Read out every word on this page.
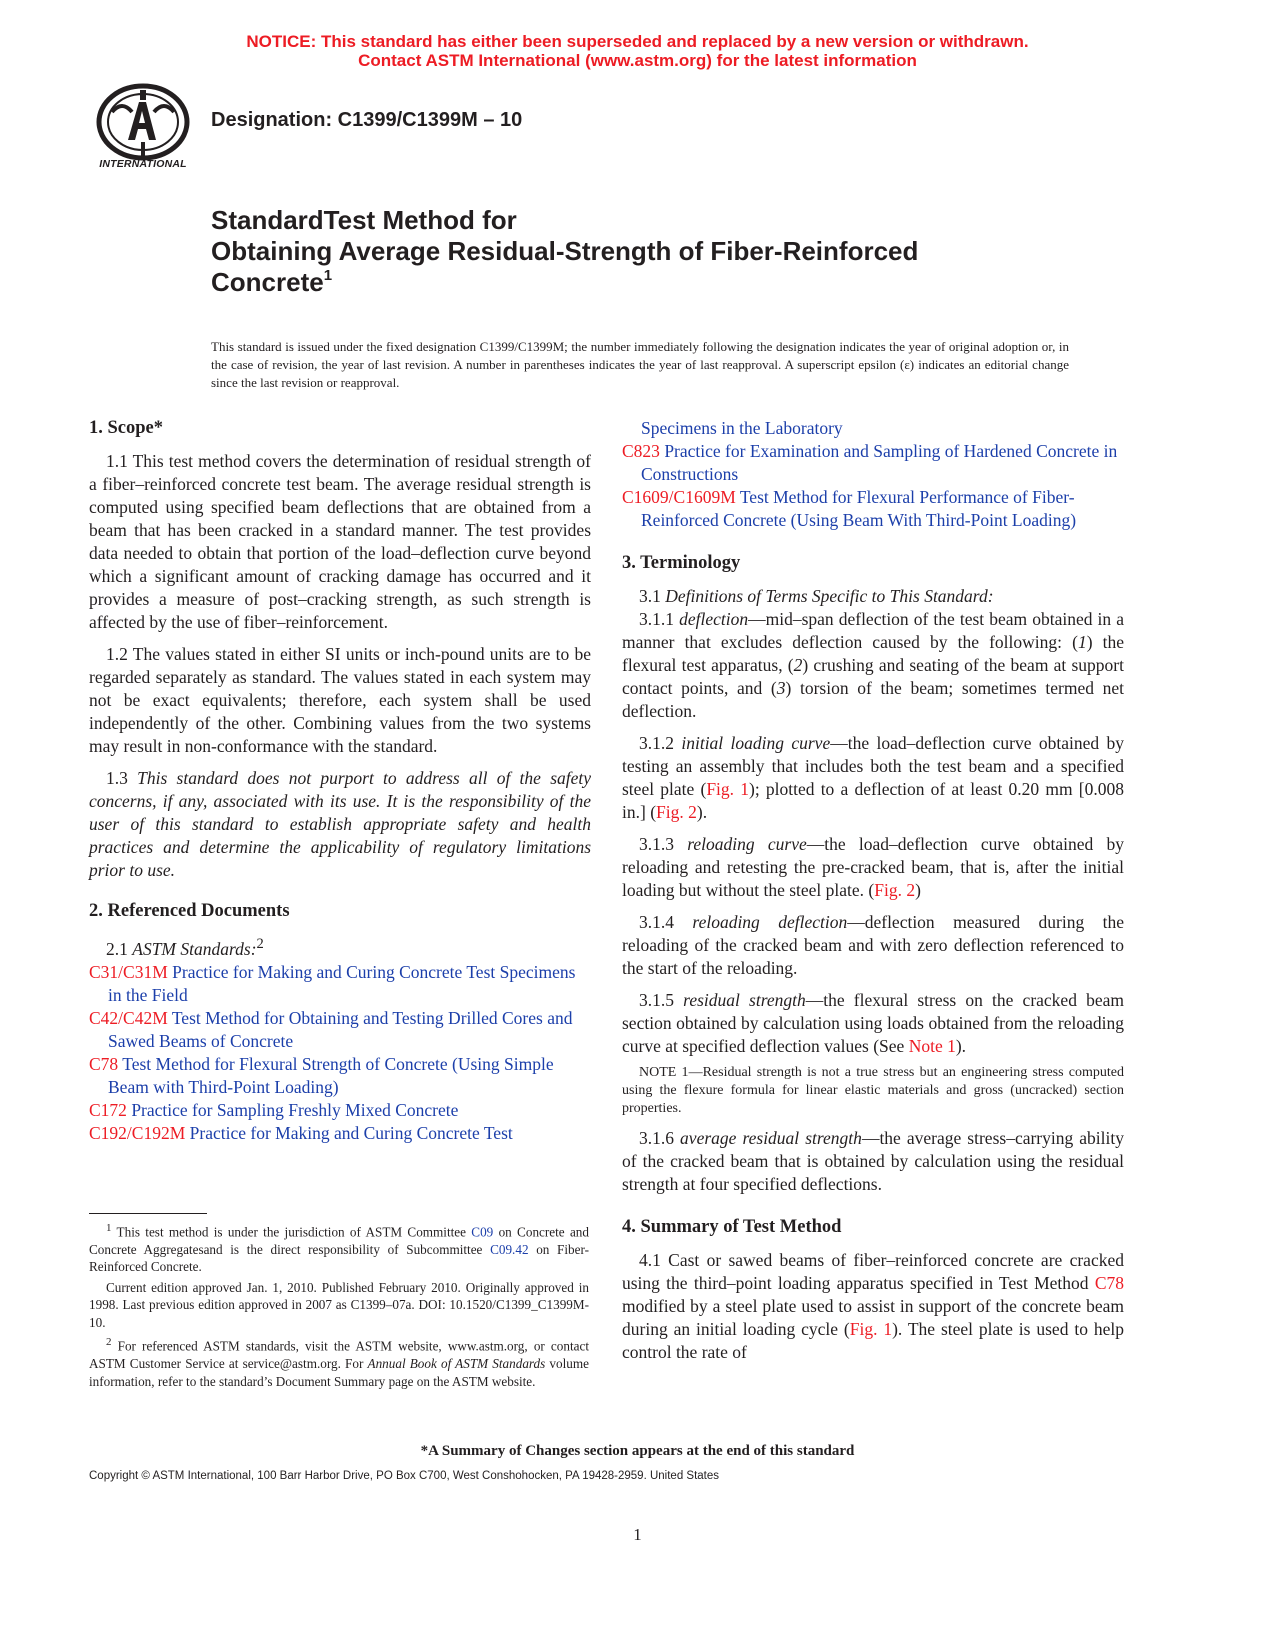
NOTICE: This standard has either been superseded and replaced by a new version or withdrawn.
Contact ASTM International (www.astm.org) for the latest information
INTERNATIONAL
Designation: C1399/C1399M – 10
StandardTest Method for
Obtaining Average Residual-Strength of Fiber-Reinforced
Concrete$^1$
This standard is issued under the fixed designation C1399/C1399M; the number immediately following the designation indicates the year of original adoption or, in the case of revision, the year of last revision. A number in parentheses indicates the year of last reapproval. A superscript epsilon (ε) indicates an editorial change since the last revision or reapproval.
1. Scope*

1.1 This test method covers the determination of residual strength of a fiber–reinforced concrete test beam. The average residual strength is computed using specified beam deflections that are obtained from a beam that has been cracked in a standard manner. The test provides data needed to obtain that portion of the load–deflection curve beyond which a significant amount of cracking damage has occurred and it provides a measure of post–cracking strength, as such strength is affected by the use of fiber–reinforcement.

1.2 The values stated in either SI units or inch-pound units are to be regarded separately as standard. The values stated in each system may not be exact equivalents; therefore, each system shall be used independently of the other. Combining values from the two systems may result in non-conformance with the standard.

1.3 This standard does not purport to address all of the safety concerns, if any, associated with its use. It is the responsibility of the user of this standard to establish appropriate safety and health practices and determine the applicability of regulatory limitations prior to use.

2. Referenced Documents

2.1 ASTM Standards:$^2$

C31/C31M Practice for Making and Curing Concrete Test Specimens in the Field

C42/C42M Test Method for Obtaining and Testing Drilled Cores and Sawed Beams of Concrete

C78 Test Method for Flexural Strength of Concrete (Using Simple Beam with Third-Point Loading)

C172 Practice for Sampling Freshly Mixed Concrete

C192/C192M Practice for Making and Curing Concrete Test

$^1$ This test method is under the jurisdiction of ASTM Committee C09 on Concrete and Concrete Aggregatesand is the direct responsibility of Subcommittee C09.42 on Fiber-Reinforced Concrete.

Current edition approved Jan. 1, 2010. Published February 2010. Originally approved in 1998. Last previous edition approved in 2007 as C1399–07a. DOI: 10.1520/C1399_C1399M-10.

$^2$ For referenced ASTM standards, visit the ASTM website, www.astm.org, or contact ASTM Customer Service at service@astm.org. For Annual Book of ASTM Standards volume information, refer to the standard’s Document Summary page on the ASTM website.

Specimens in the Laboratory

C823 Practice for Examination and Sampling of Hardened Concrete in Constructions

C1609/C1609M Test Method for Flexural Performance of Fiber-Reinforced Concrete (Using Beam With Third-Point Loading)

3. Terminology

3.1 Definitions of Terms Specific to This Standard:

3.1.1 deflection—mid–span deflection of the test beam obtained in a manner that excludes deflection caused by the following: (1) the flexural test apparatus, (2) crushing and seating of the beam at support contact points, and (3) torsion of the beam; sometimes termed net deflection.

3.1.2 initial loading curve—the load–deflection curve obtained by testing an assembly that includes both the test beam and a specified steel plate (Fig. 1); plotted to a deflection of at least 0.20 mm [0.008 in.] (Fig. 2).

3.1.3 reloading curve—the load–deflection curve obtained by reloading and retesting the pre-cracked beam, that is, after the initial loading but without the steel plate. (Fig. 2)

3.1.4 reloading deflection—deflection measured during the reloading of the cracked beam and with zero deflection referenced to the start of the reloading.

3.1.5 residual strength—the flexural stress on the cracked beam section obtained by calculation using loads obtained from the reloading curve at specified deflection values (See Note 1).

NOTE 1—Residual strength is not a true stress but an engineering stress computed using the flexure formula for linear elastic materials and gross (uncracked) section properties.

3.1.6 average residual strength—the average stress–carrying ability of the cracked beam that is obtained by calculation using the residual strength at four specified deflections.

4. Summary of Test Method

4.1 Cast or sawed beams of fiber–reinforced concrete are cracked using the third–point loading apparatus specified in Test Method C78 modified by a steel plate used to assist in support of the concrete beam during an initial loading cycle (Fig. 1). The steel plate is used to help control the rate of

*A Summary of Changes section appears at the end of this standard
Copyright © ASTM International, 100 Barr Harbor Drive, PO Box C700, West Conshohocken, PA 19428-2959. United States
1
